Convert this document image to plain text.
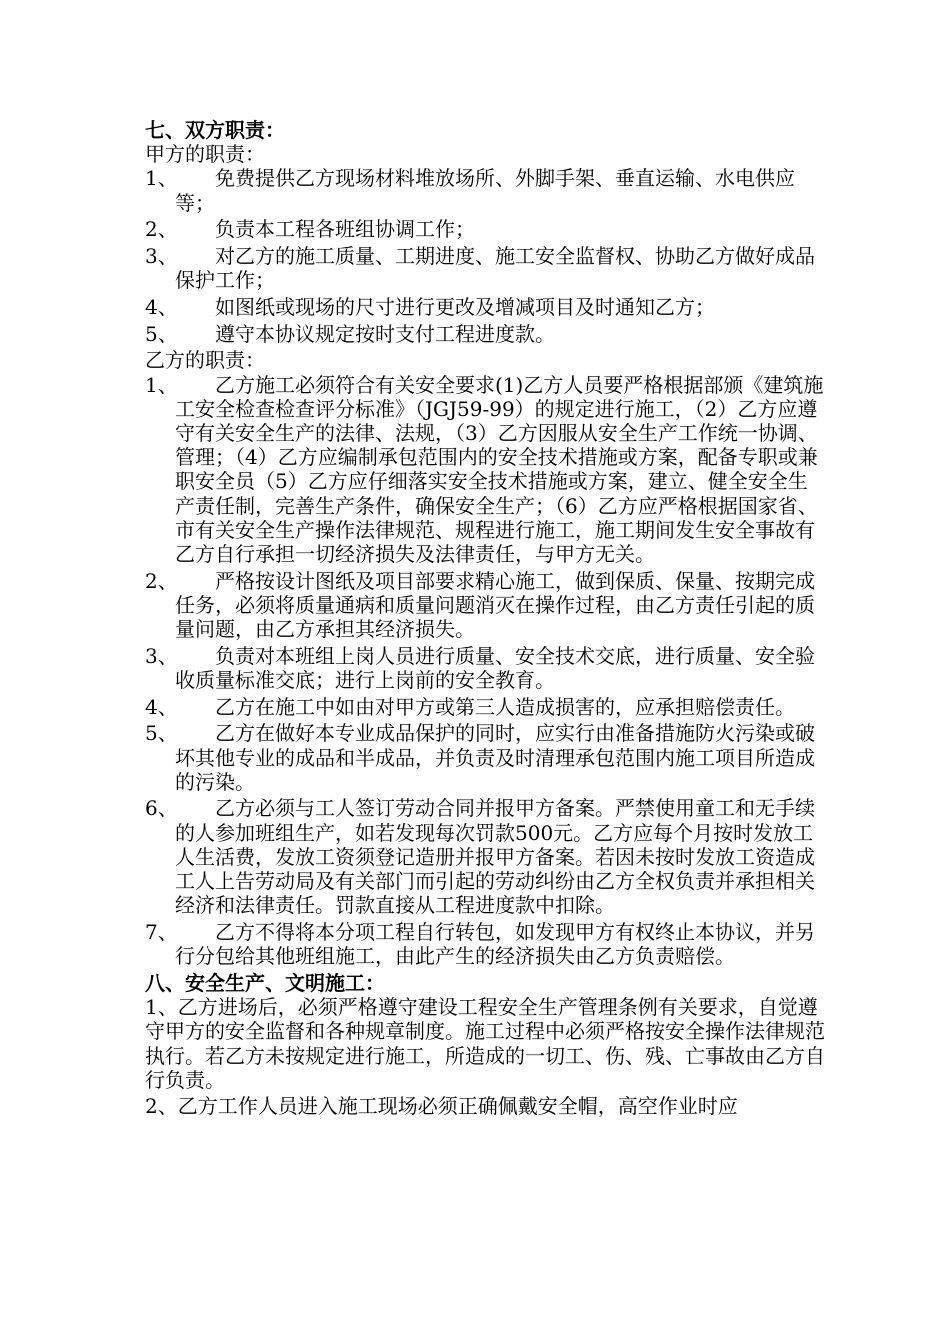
七、双方职责：

甲方的职责：

1、	免费提供乙方现场材料堆放场所、外脚手架、垂直运输、水电供应等；
2、	负责本工程各班组协调工作；
3、	对乙方的施工质量、工期进度、施工安全监督权、协助乙方做好成品保护工作；
4、	如图纸或现场的尺寸进行更改及增减项目及时通知乙方；
5、	遵守本协议规定按时支付工程进度款。

乙方的职责：

1、	乙方施工必须符合有关安全要求(1)乙方人员要严格根据部颁《建筑施工安全检查检查评分标准》（JGJ59-99）的规定进行施工，（2）乙方应遵守有关安全生产的法律、法规，（3）乙方因服从安全生产工作统一协调、管理；（4）乙方应编制承包范围内的安全技术措施或方案，配备专职或兼职安全员（5）乙方应仔细落实安全技术措施或方案，建立、健全安全生产责任制，完善生产条件，确保安全生产；（6）乙方应严格根据国家省、市有关安全生产操作法律规范、规程进行施工，施工期间发生安全事故有乙方自行承担一切经济损失及法律责任，与甲方无关。
2、	严格按设计图纸及项目部要求精心施工，做到保质、保量、按期完成任务，必须将质量通病和质量问题消灭在操作过程，由乙方责任引起的质量问题，由乙方承担其经济损失。
3、	负责对本班组上岗人员进行质量、安全技术交底，进行质量、安全验收质量标准交底；进行上岗前的安全教育。
4、	乙方在施工中如由对甲方或第三人造成损害的，应承担赔偿责任。
5、	乙方在做好本专业成品保护的同时，应实行由准备措施防火污染或破坏其他专业的成品和半成品，并负责及时清理承包范围内施工项目所造成的污染。
6、	乙方必须与工人签订劳动合同并报甲方备案。严禁使用童工和无手续的人参加班组生产，如若发现每次罚款500元。乙方应每个月按时发放工人生活费，发放工资须登记造册并报甲方备案。若因未按时发放工资造成工人上告劳动局及有关部门而引起的劳动纠纷由乙方全权负责并承担相关经济和法律责任。罚款直接从工程进度款中扣除。
7、	乙方不得将本分项工程自行转包，如发现甲方有权终止本协议，并另行分包给其他班组施工，由此产生的经济损失由乙方负责赔偿。

八、安全生产、文明施工：

1、乙方进场后，必须严格遵守建设工程安全生产管理条例有关要求，自觉遵守甲方的安全监督和各种规章制度。施工过程中必须严格按安全操作法律规范执行。若乙方未按规定进行施工，所造成的一切工、伤、残、亡事故由乙方自行负责。

2、乙方工作人员进入施工现场必须正确佩戴安全帽，高空作业时应
